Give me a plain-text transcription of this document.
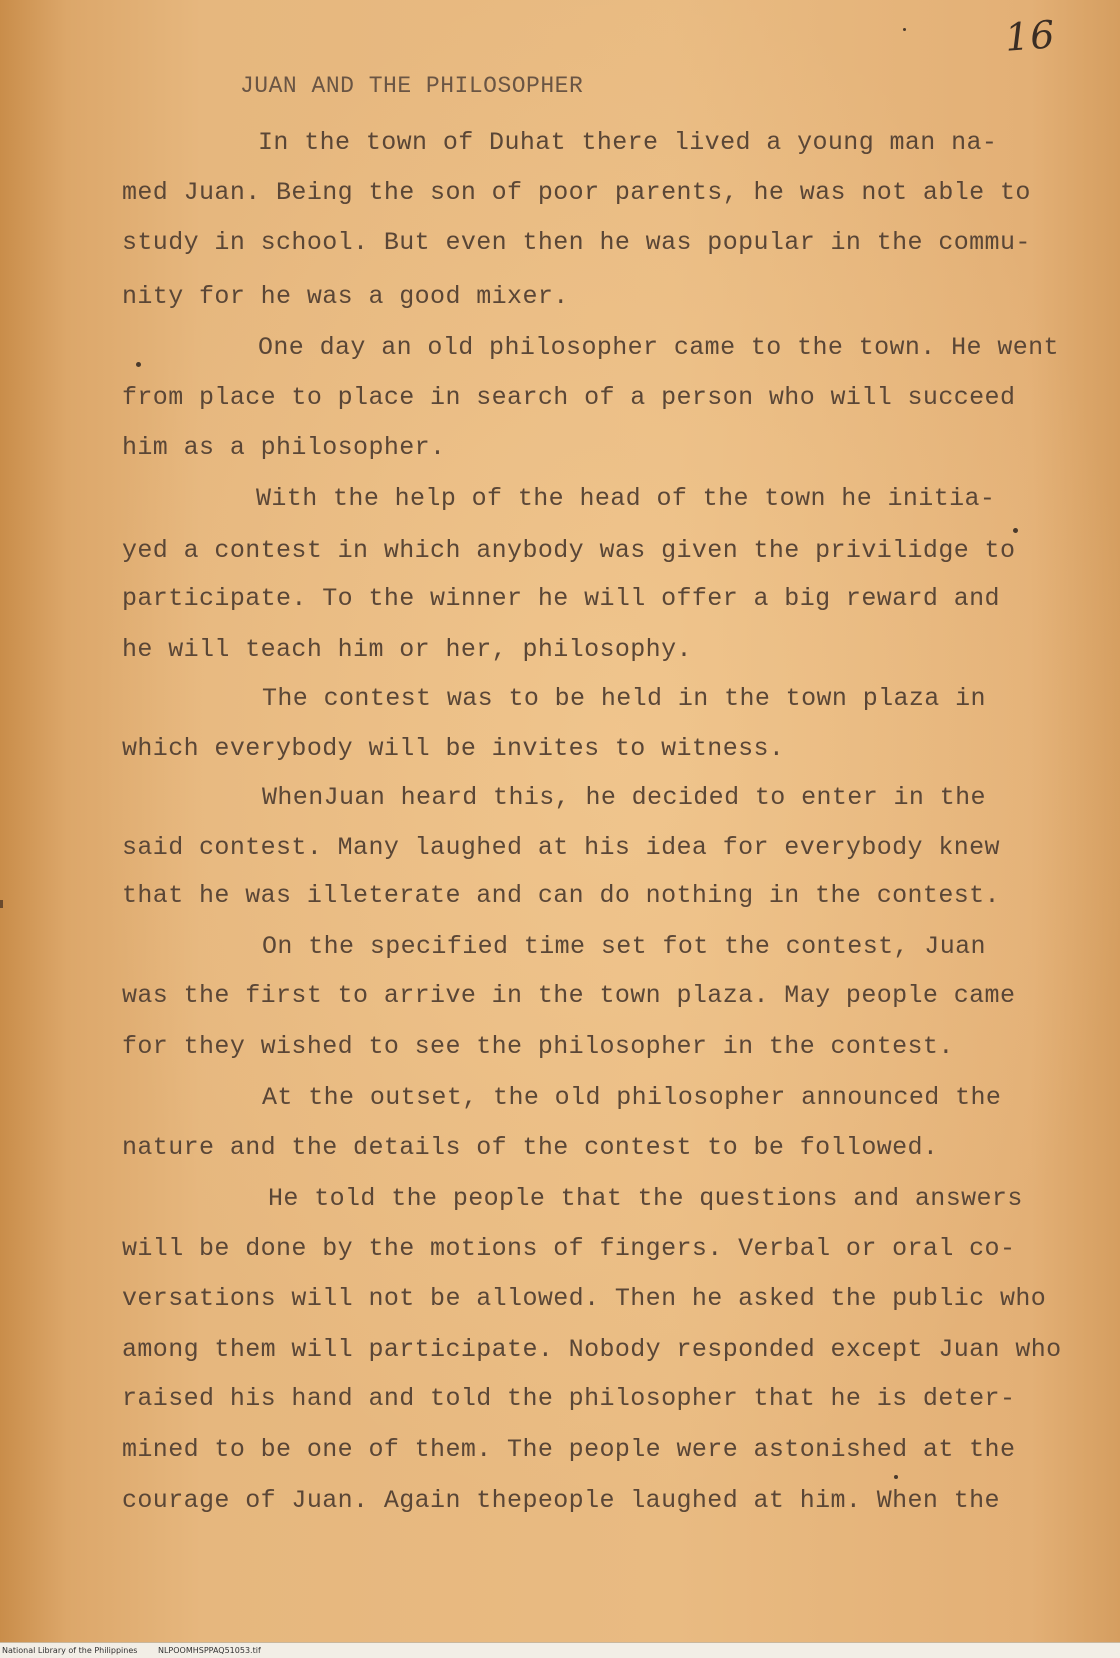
16
JUAN AND THE PHILOSOPHER
In the town of Duhat there lived a young man na-
med Juan. Being the son of poor parents, he was not able to
study in school. But even then he was popular in the commu-
nity for he was a good mixer.
One day an old philosopher came to the town. He went
from place to place in search of a person who will succeed
him as a philosopher.
With the help of the head of the town he initia-
yed a contest in which anybody was given the privilidge to
participate. To the winner he will offer a big reward and
he will teach him or her, philosophy.
The contest was to be held in the town plaza in
which everybody will be invites to witness.
WhenJuan heard this, he decided to enter in the
said contest. Many laughed at his idea for everybody knew
that he was illeterate and can do nothing in the contest.
On the specified time set fot the contest, Juan
was the first to arrive in the town plaza. May people came
for they wished to see the philosopher in the contest.
At the outset, the old philosopher announced the
nature and the details of the contest to be followed.
He told the people that the questions and answers
will be done by the motions of fingers. Verbal or oral co-
versations will not be allowed. Then he asked the public who
among them will participate. Nobody responded except Juan who
raised his hand and told the philosopher that he is deter-
mined to be one of them. The people were astonished at the
courage of Juan. Again thepeople laughed at him. When the
National Library of the Philippines	NLPOOMHSPPAQ51053.tif
